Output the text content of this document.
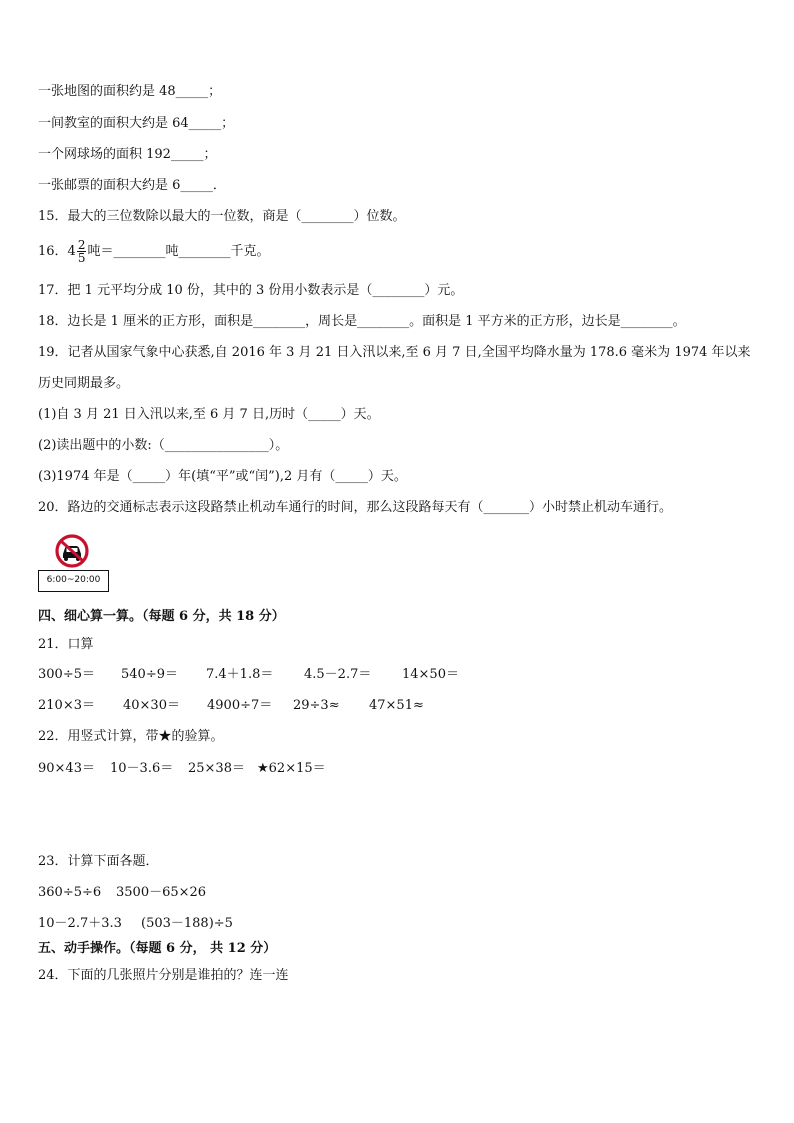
一张地图的面积约是 48_____；
一间教室的面积大约是 64_____；
一个网球场的面积 192_____；
一张邮票的面积大约是 6_____．
15．最大的三位数除以最大的一位数，商是（________）位数。
16．$4 \frac{2}{5}$ 吨＝________吨________千克。
17．把 1 元平均分成 10 份，其中的 3 份用小数表示是（________）元。
18．边长是 1 厘米的正方形，面积是________，周长是________。面积是 1 平方米的正方形，边长是________。
19．记者从国家气象中心获悉,自 2016 年 3 月 21 日入汛以来,至 6 月 7 日,全国平均降水量为 178.6 毫米为 1974 年以来
历史同期最多。
(1)自 3 月 21 日入汛以来,至 6 月 7 日,历时（_____）天。
(2)读出题中的小数:（________________）。
(3)1974 年是（_____）年(填“平”或“闰”),2 月有（_____）天。
20．路边的交通标志表示这段路禁止机动车通行的时间，那么这段路每天有（_______）小时禁止机动车通行。
6:00~20:00
四、细心算一算。（每题 6 分，共 18 分）
21．口算
300÷5＝ 540÷9＝ 7.4＋1.8＝ 4.5－2.7＝ 14×50＝
210×3＝ 40×30＝ 4900÷7＝ 29÷3≈ 47×51≈
22．用竖式计算，带★的验算。
90×43＝ 10－3.6＝ 25×38＝ ★62×15＝
23．计算下面各题．
360÷5÷6 3500－65×26
10－2.7＋3.3 (503－188)÷5
五、动手操作。（每题 6 分， 共 12 分）
24．下面的几张照片分别是谁拍的？连一连
